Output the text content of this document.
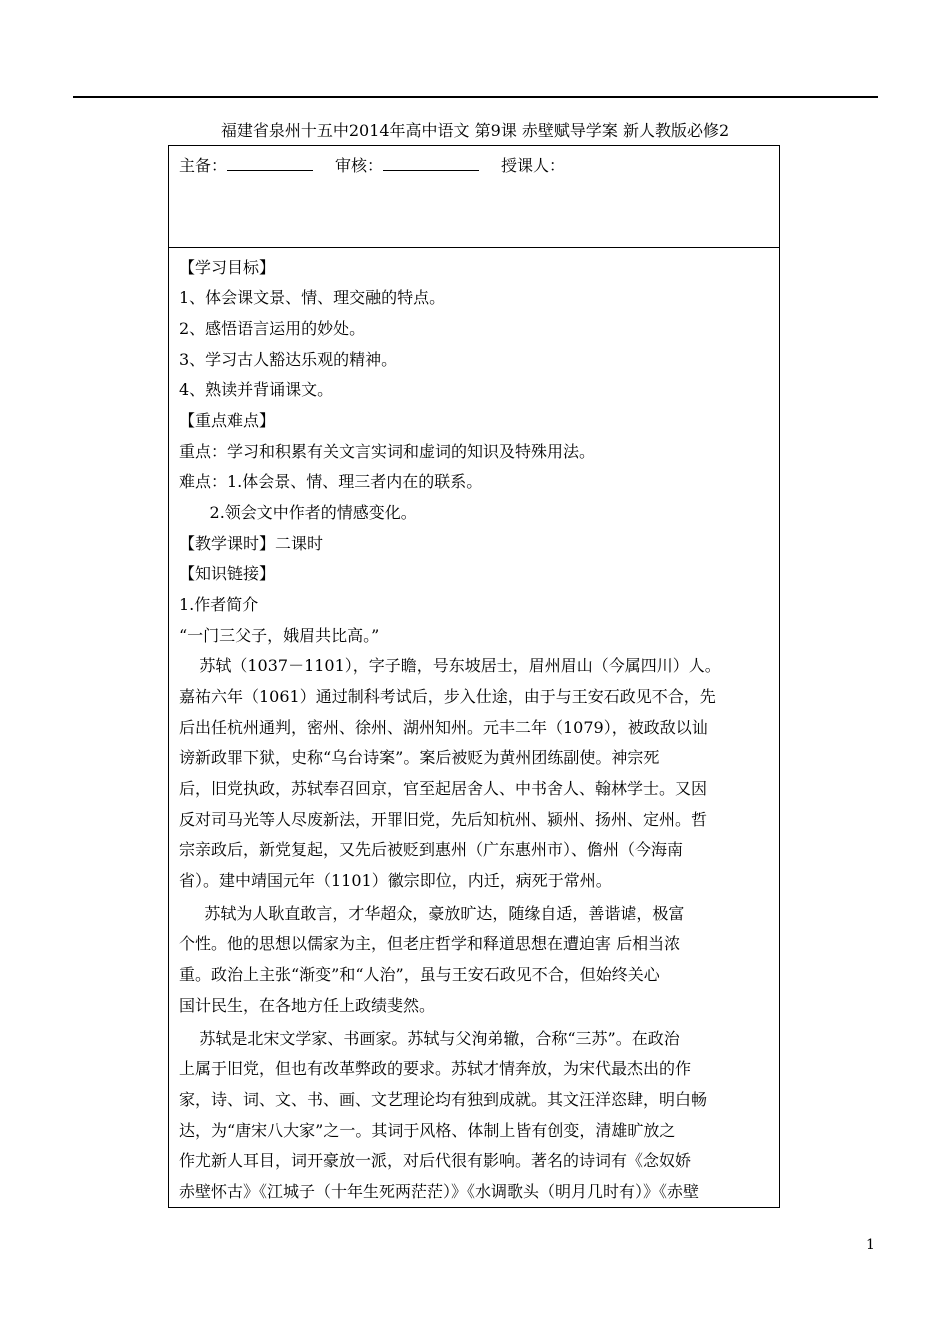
福建省泉州十五中2014年高中语文 第9课 赤壁赋导学案 新人教版必修2
主备：	审核：	授课人：
【学习目标】
1、体会课文景、情、理交融的特点。
2、感悟语言运用的妙处。
3、学习古人豁达乐观的精神。
4、熟读并背诵课文。
【重点难点】
重点：学习和积累有关文言实词和虚词的知识及特殊用法。
难点：1.体会景、情、理三者内在的联系。
2.领会文中作者的情感变化。
【教学课时】二课时
【知识链接】
1.作者简介
“一门三父子，娥眉共比高。”
苏轼（1037－1101），字子瞻，号东坡居士，眉州眉山（今属四川）人。
嘉祐六年（1061）通过制科考试后，步入仕途，由于与王安石政见不合，先
后出任杭州通判，密州、徐州、湖州知州。元丰二年（1079），被政敌以讪
谤新政罪下狱，史称“乌台诗案”。案后被贬为黄州团练副使。神宗死
后，旧党执政，苏轼奉召回京，官至起居舍人、中书舍人、翰林学士。又因
反对司马光等人尽废新法，开罪旧党，先后知杭州、颍州、扬州、定州。哲
宗亲政后，新党复起，又先后被贬到惠州（广东惠州市）、儋州（今海南
省）。建中靖国元年（1101）徽宗即位，内迁，病死于常州。
苏轼为人耿直敢言，才华超众，豪放旷达，随缘自适，善谐谑，极富
个性。他的思想以儒家为主，但老庄哲学和释道思想在遭迫害 后相当浓
重。政治上主张“渐变”和“人治”，虽与王安石政见不合，但始终关心
国计民生，在各地方任上政绩斐然。
苏轼是北宋文学家、书画家。苏轼与父洵弟辙，合称“三苏”。在政治
上属于旧党，但也有改革弊政的要求。苏轼才情奔放，为宋代最杰出的作
家，诗、词、文、书、画、文艺理论均有独到成就。其文汪洋恣肆，明白畅
达，为“唐宋八大家”之一。其词于风格、体制上皆有创变，清雄旷放之
作尤新人耳目，词开豪放一派，对后代很有影响。著名的诗词有《念奴娇
赤壁怀古》《江城子（十年生死两茫茫）》《水调歌头（明月几时有）》《赤壁
1
